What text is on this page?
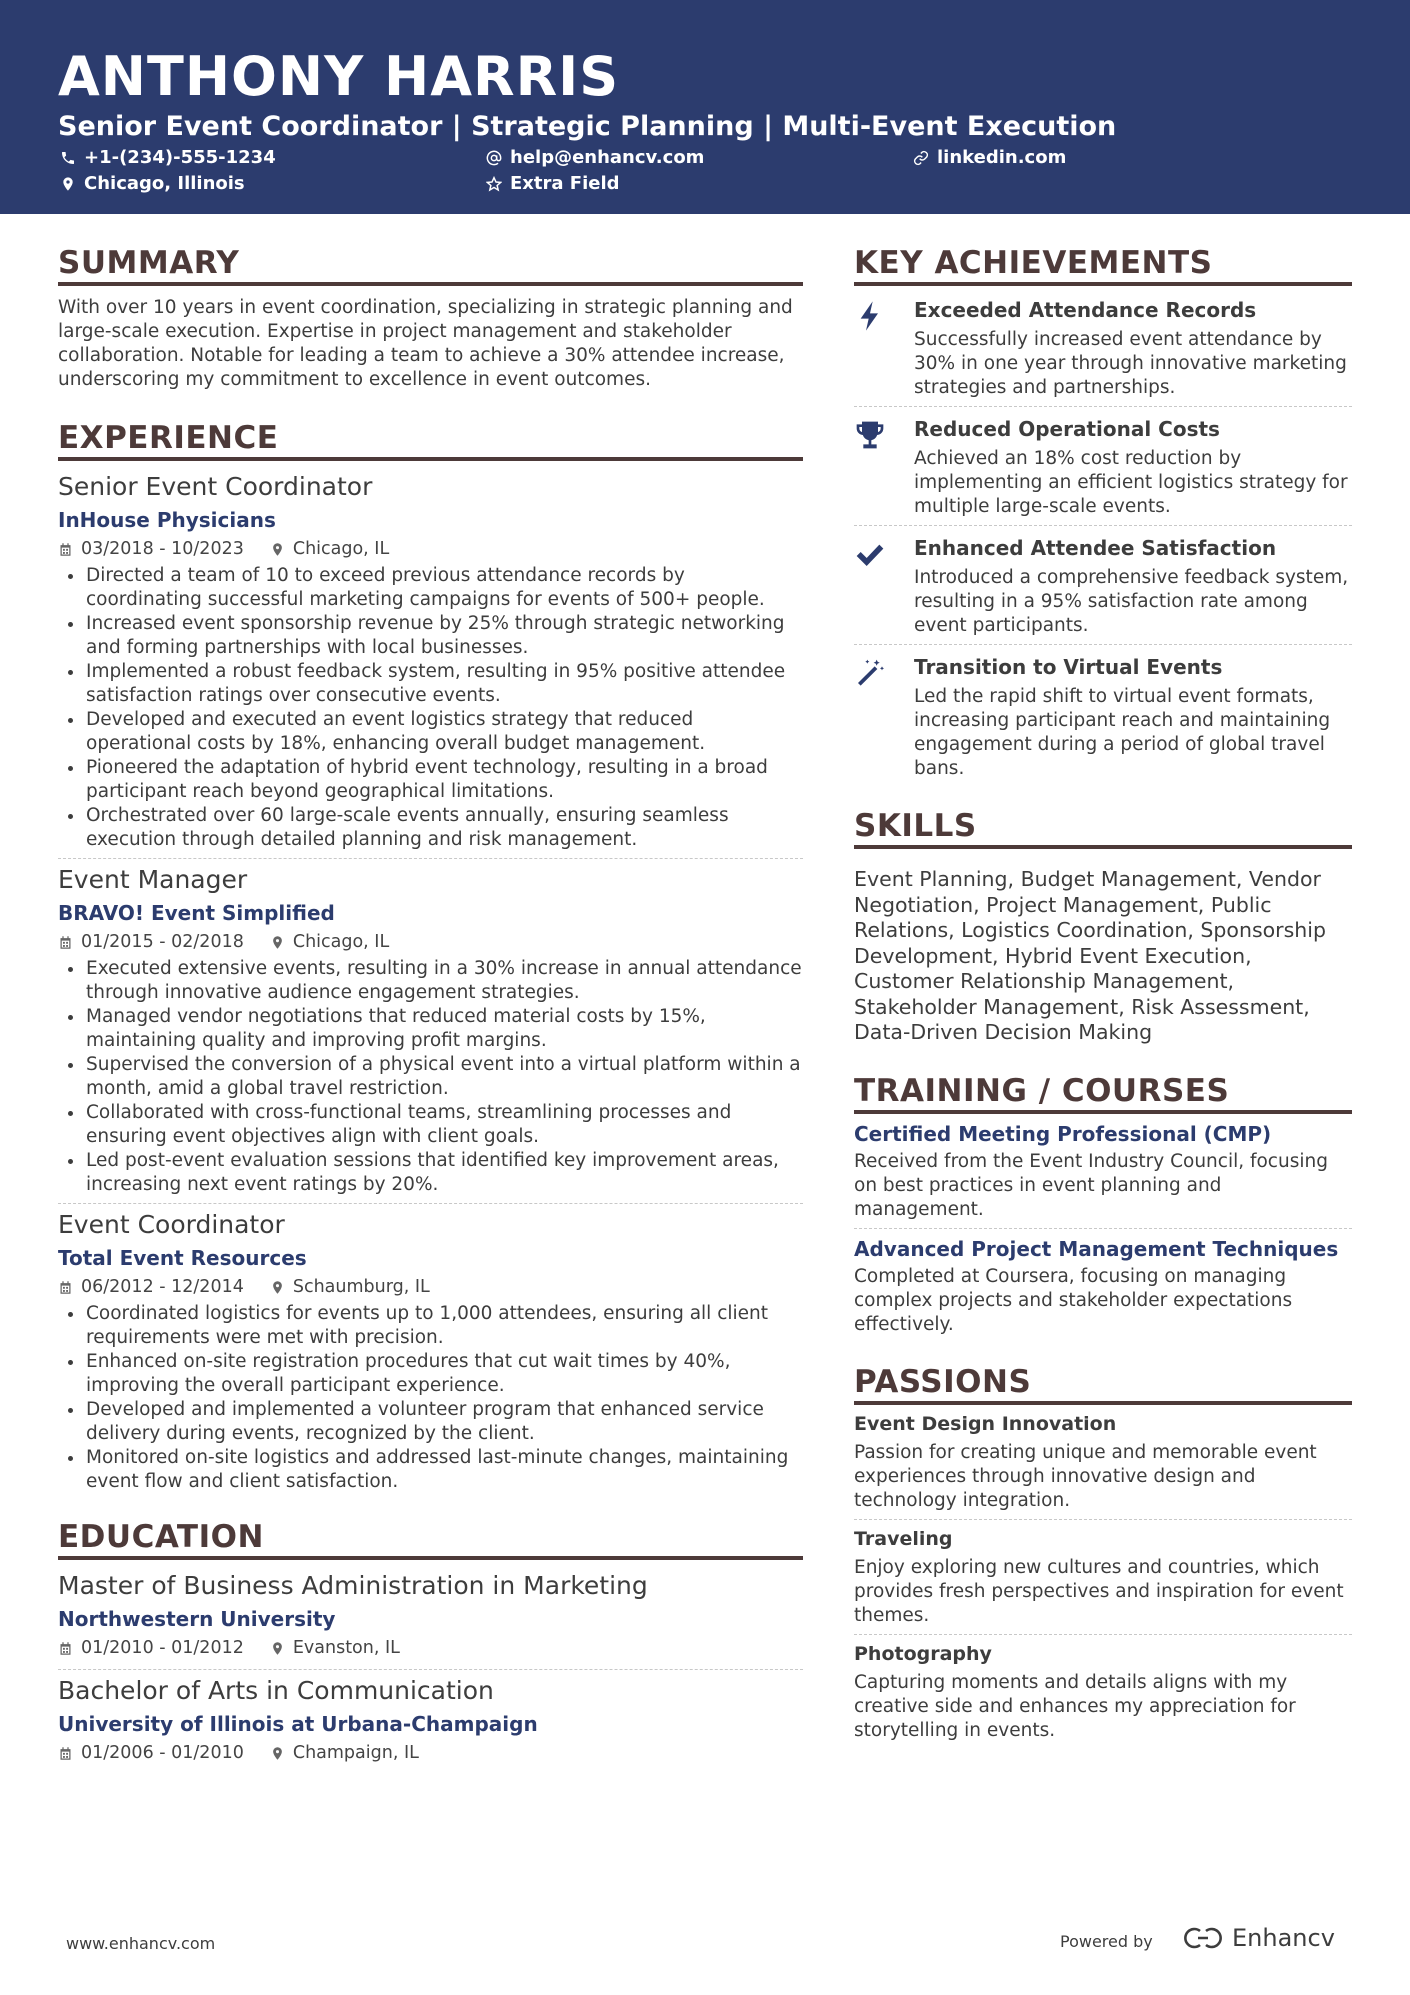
ANTHONY HARRIS
Senior Event Coordinator | Strategic Planning | Multi-Event Execution
+1-(234)-555-1234	help@enhancv.com	linkedin.com
Chicago, Illinois	Extra Field
SUMMARY
With over 10 years in event coordination, specializing in strategic planning and large-scale execution. Expertise in project management and stakeholder collaboration. Notable for leading a team to achieve a 30% attendee increase, underscoring my commitment to excellence in event outcomes.
EXPERIENCE
Senior Event Coordinator
InHouse Physicians
03/2018 - 10/2023	Chicago, IL
Directed a team of 10 to exceed previous attendance records by coordinating successful marketing campaigns for events of 500+ people.
Increased event sponsorship revenue by 25% through strategic networking and forming partnerships with local businesses.
Implemented a robust feedback system, resulting in 95% positive attendee satisfaction ratings over consecutive events.
Developed and executed an event logistics strategy that reduced operational costs by 18%, enhancing overall budget management.
Pioneered the adaptation of hybrid event technology, resulting in a broad participant reach beyond geographical limitations.
Orchestrated over 60 large-scale events annually, ensuring seamless execution through detailed planning and risk management.
Event Manager
BRAVO! Event Simplified
01/2015 - 02/2018	Chicago, IL
Executed extensive events, resulting in a 30% increase in annual attendance through innovative audience engagement strategies.
Managed vendor negotiations that reduced material costs by 15%, maintaining quality and improving profit margins.
Supervised the conversion of a physical event into a virtual platform within a month, amid a global travel restriction.
Collaborated with cross-functional teams, streamlining processes and ensuring event objectives align with client goals.
Led post-event evaluation sessions that identified key improvement areas, increasing next event ratings by 20%.
Event Coordinator
Total Event Resources
06/2012 - 12/2014	Schaumburg, IL
Coordinated logistics for events up to 1,000 attendees, ensuring all client requirements were met with precision.
Enhanced on-site registration procedures that cut wait times by 40%, improving the overall participant experience.
Developed and implemented a volunteer program that enhanced service delivery during events, recognized by the client.
Monitored on-site logistics and addressed last-minute changes, maintaining event flow and client satisfaction.
EDUCATION
Master of Business Administration in Marketing
Northwestern University
01/2010 - 01/2012	Evanston, IL
Bachelor of Arts in Communication
University of Illinois at Urbana-Champaign
01/2006 - 01/2010	Champaign, IL
KEY ACHIEVEMENTS
Exceeded Attendance Records
Successfully increased event attendance by 30% in one year through innovative marketing strategies and partnerships.
Reduced Operational Costs
Achieved an 18% cost reduction by implementing an efficient logistics strategy for multiple large-scale events.
Enhanced Attendee Satisfaction
Introduced a comprehensive feedback system, resulting in a 95% satisfaction rate among event participants.
Transition to Virtual Events
Led the rapid shift to virtual event formats, increasing participant reach and maintaining engagement during a period of global travel bans.
SKILLS
Event Planning, Budget Management, Vendor Negotiation, Project Management, Public Relations, Logistics Coordination, Sponsorship Development, Hybrid Event Execution, Customer Relationship Management, Stakeholder Management, Risk Assessment, Data-Driven Decision Making
TRAINING / COURSES
Certified Meeting Professional (CMP)
Received from the Event Industry Council, focusing on best practices in event planning and management.
Advanced Project Management Techniques
Completed at Coursera, focusing on managing complex projects and stakeholder expectations effectively.
PASSIONS
Event Design Innovation
Passion for creating unique and memorable event experiences through innovative design and technology integration.
Traveling
Enjoy exploring new cultures and countries, which provides fresh perspectives and inspiration for event themes.
Photography
Capturing moments and details aligns with my creative side and enhances my appreciation for storytelling in events.
www.enhancv.com	Powered by	Enhancv
